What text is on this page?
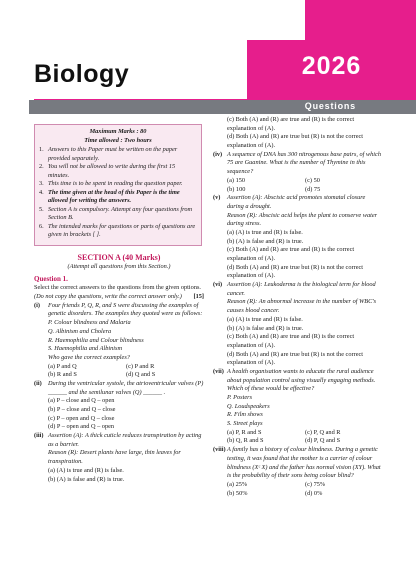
Biology	2026
Questions
Maximum Marks : 80
Time allowed : Two hours
1. Answers to this Paper must be written on the paper provided separately.
2. You will not be allowed to write during the first 15 minutes.
3. This time is to be spent in reading the question paper.
4. The time given at the head of this Paper is the time allowed for writing the answers.
5. Section A is compulsory. Attempt any four questions from Section B.
6. The intended marks for questions or parts of questions are given in brackets [ ].
SECTION A (40 Marks)
(Attempt all questions from this Section.)
Question 1.

Select the correct answers to the questions from the given options.
[15]

(Do not copy the questions, write the correct answer only.)

(i) Four friends P, Q, R, and S were discussing the examples of genetic disorders. The examples they quoted were as follows:

P. Colour blindness and Malaria

Q. Albinism and Cholera

R. Haemophilia and Colour blindness

S. Haemophilia and Albinism

Who gave the correct examples?

(a) P and Q	(c) P and R
(b) R and S	(d) Q and S
(ii) During the ventricular systole, the atrioventricular valves (P) ______ and the semilunar valves (Q) ______ .

(a) P – close and Q – open

(b) P – close and Q – close

(c) P – open and Q – close

(d) P – open and Q – open

(iii) Assertion (A): A thick cuticle reduces transpiration by acting as a barrier.

Reason (R): Desert plants have large, thin leaves for transpiration.

(a) (A) is true and (R) is false.

(b) (A) is false and (R) is true.

(c) Both (A) and (R) are true and (R) is the correct explanation of (A).

(d) Both (A) and (R) are true but (R) is not the correct explanation of (A).

(iv) A sequence of DNA has 300 nitrogenous base pairs, of which 75 are Guanine. What is the number of Thymine in this sequence?

(a) 150	(c) 50
(b) 100	(d) 75
(v) Assertion (A): Abscisic acid promotes stomatal closure during a drought.

Reason (R): Abscisic acid helps the plant to conserve water during stress.

(a) (A) is true and (R) is false.

(b) (A) is false and (R) is true.

(c) Both (A) and (R) are true and (R) is the correct explanation of (A).

(d) Both (A) and (R) are true but (R) is not the correct explanation of (A).

(vi) Assertion (A): Leukoderma is the biological term for blood cancer.

Reason (R): An abnormal increase in the number of WBC's causes blood cancer.

(a) (A) is true and (R) is false.

(b) (A) is false and (R) is true.

(c) Both (A) and (R) are true and (R) is the correct explanation of (A).

(d) Both (A) and (R) are true but (R) is not the correct explanation of (A).

(vii) A health organisation wants to educate the rural audience about population control using visually engaging methods. Which of these would be effective?

P. Posters

Q. Loudspeakers

R. Film shows

S. Street plays

(a) P, R and S	(c) P, Q and R
(b) Q, R and S	(d) P, Q and S
(viii) A family has a history of colour blindness. During a genetic testing, it was found that the mother is a carrier of colour blindness (Xᶜ X) and the father has normal vision (XY). What is the probability of their sons being colour blind?

(a) 25%	(c) 75%
(b) 50%	(d) 0%
